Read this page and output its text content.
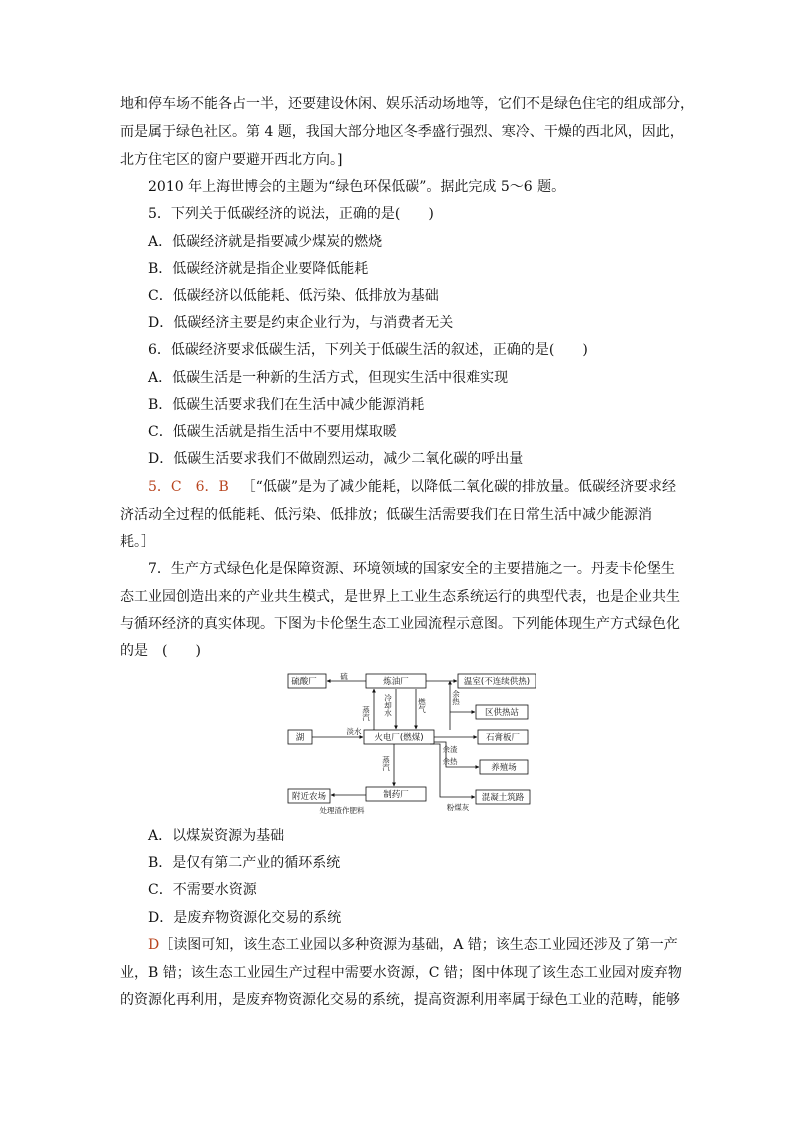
地和停车场不能各占一半，还要建设休闲、娱乐活动场地等，它们不是绿色住宅的组成部分，
而是属于绿色社区。第 4 题，我国大部分地区冬季盛行强烈、寒冷、干燥的西北风，因此，
北方住宅区的窗户要避开西北方向。]
2010 年上海世博会的主题为“绿色环保低碳”。据此完成 5～6 题。
5．下列关于低碳经济的说法，正确的是(　　)
A．低碳经济就是指要减少煤炭的燃烧
B．低碳经济就是指企业要降低能耗
C．低碳经济以低能耗、低污染、低排放为基础
D．低碳经济主要是约束企业行为，与消费者无关
6．低碳经济要求低碳生活，下列关于低碳生活的叙述，正确的是(　　)
A．低碳生活是一种新的生活方式，但现实生活中很难实现
B．低碳生活要求我们在生活中减少能源消耗
C．低碳生活就是指生活中不要用煤取暖
D．低碳生活要求我们不做剧烈运动，减少二氧化碳的呼出量
5．C　6．B ［“低碳”是为了减少能耗，以降低二氧化碳的排放量。低碳经济要求经
济活动全过程的低能耗、低污染、低排放；低碳生活需要我们在日常生活中减少能源消
耗。］
7．生产方式绿色化是保障资源、环境领域的国家安全的主要措施之一。丹麦卡伦堡生
态工业园创造出来的产业共生模式，是世界上工业生态系统运行的典型代表，也是企业共生
与循环经济的真实体现。下图为卡伦堡生态工业园流程示意图。下列能体现生产方式绿色化
的是　(　　)
硫酸厂	炼油厂	温室(不连续供热)
区供热站
湖	火电厂(燃煤)	石膏板厂
养殖场
附近农场	制药厂	混凝土筑路
硫
淡水
余渣
余热
处理渣作肥料	粉煤灰
蒸汽 冷却水	燃气
余热
蒸汽
A．以煤炭资源为基础
B．是仅有第二产业的循环系统
C．不需要水资源
D．是废弃物资源化交易的系统
D ［读图可知，该生态工业园以多种资源为基础，A 错；该生态工业园还涉及了第一产
业，B 错；该生态工业园生产过程中需要水资源，C 错；图中体现了该生态工业园对废弃物
的资源化再利用，是废弃物资源化交易的系统，提高资源利用率属于绿色工业的范畴，能够
